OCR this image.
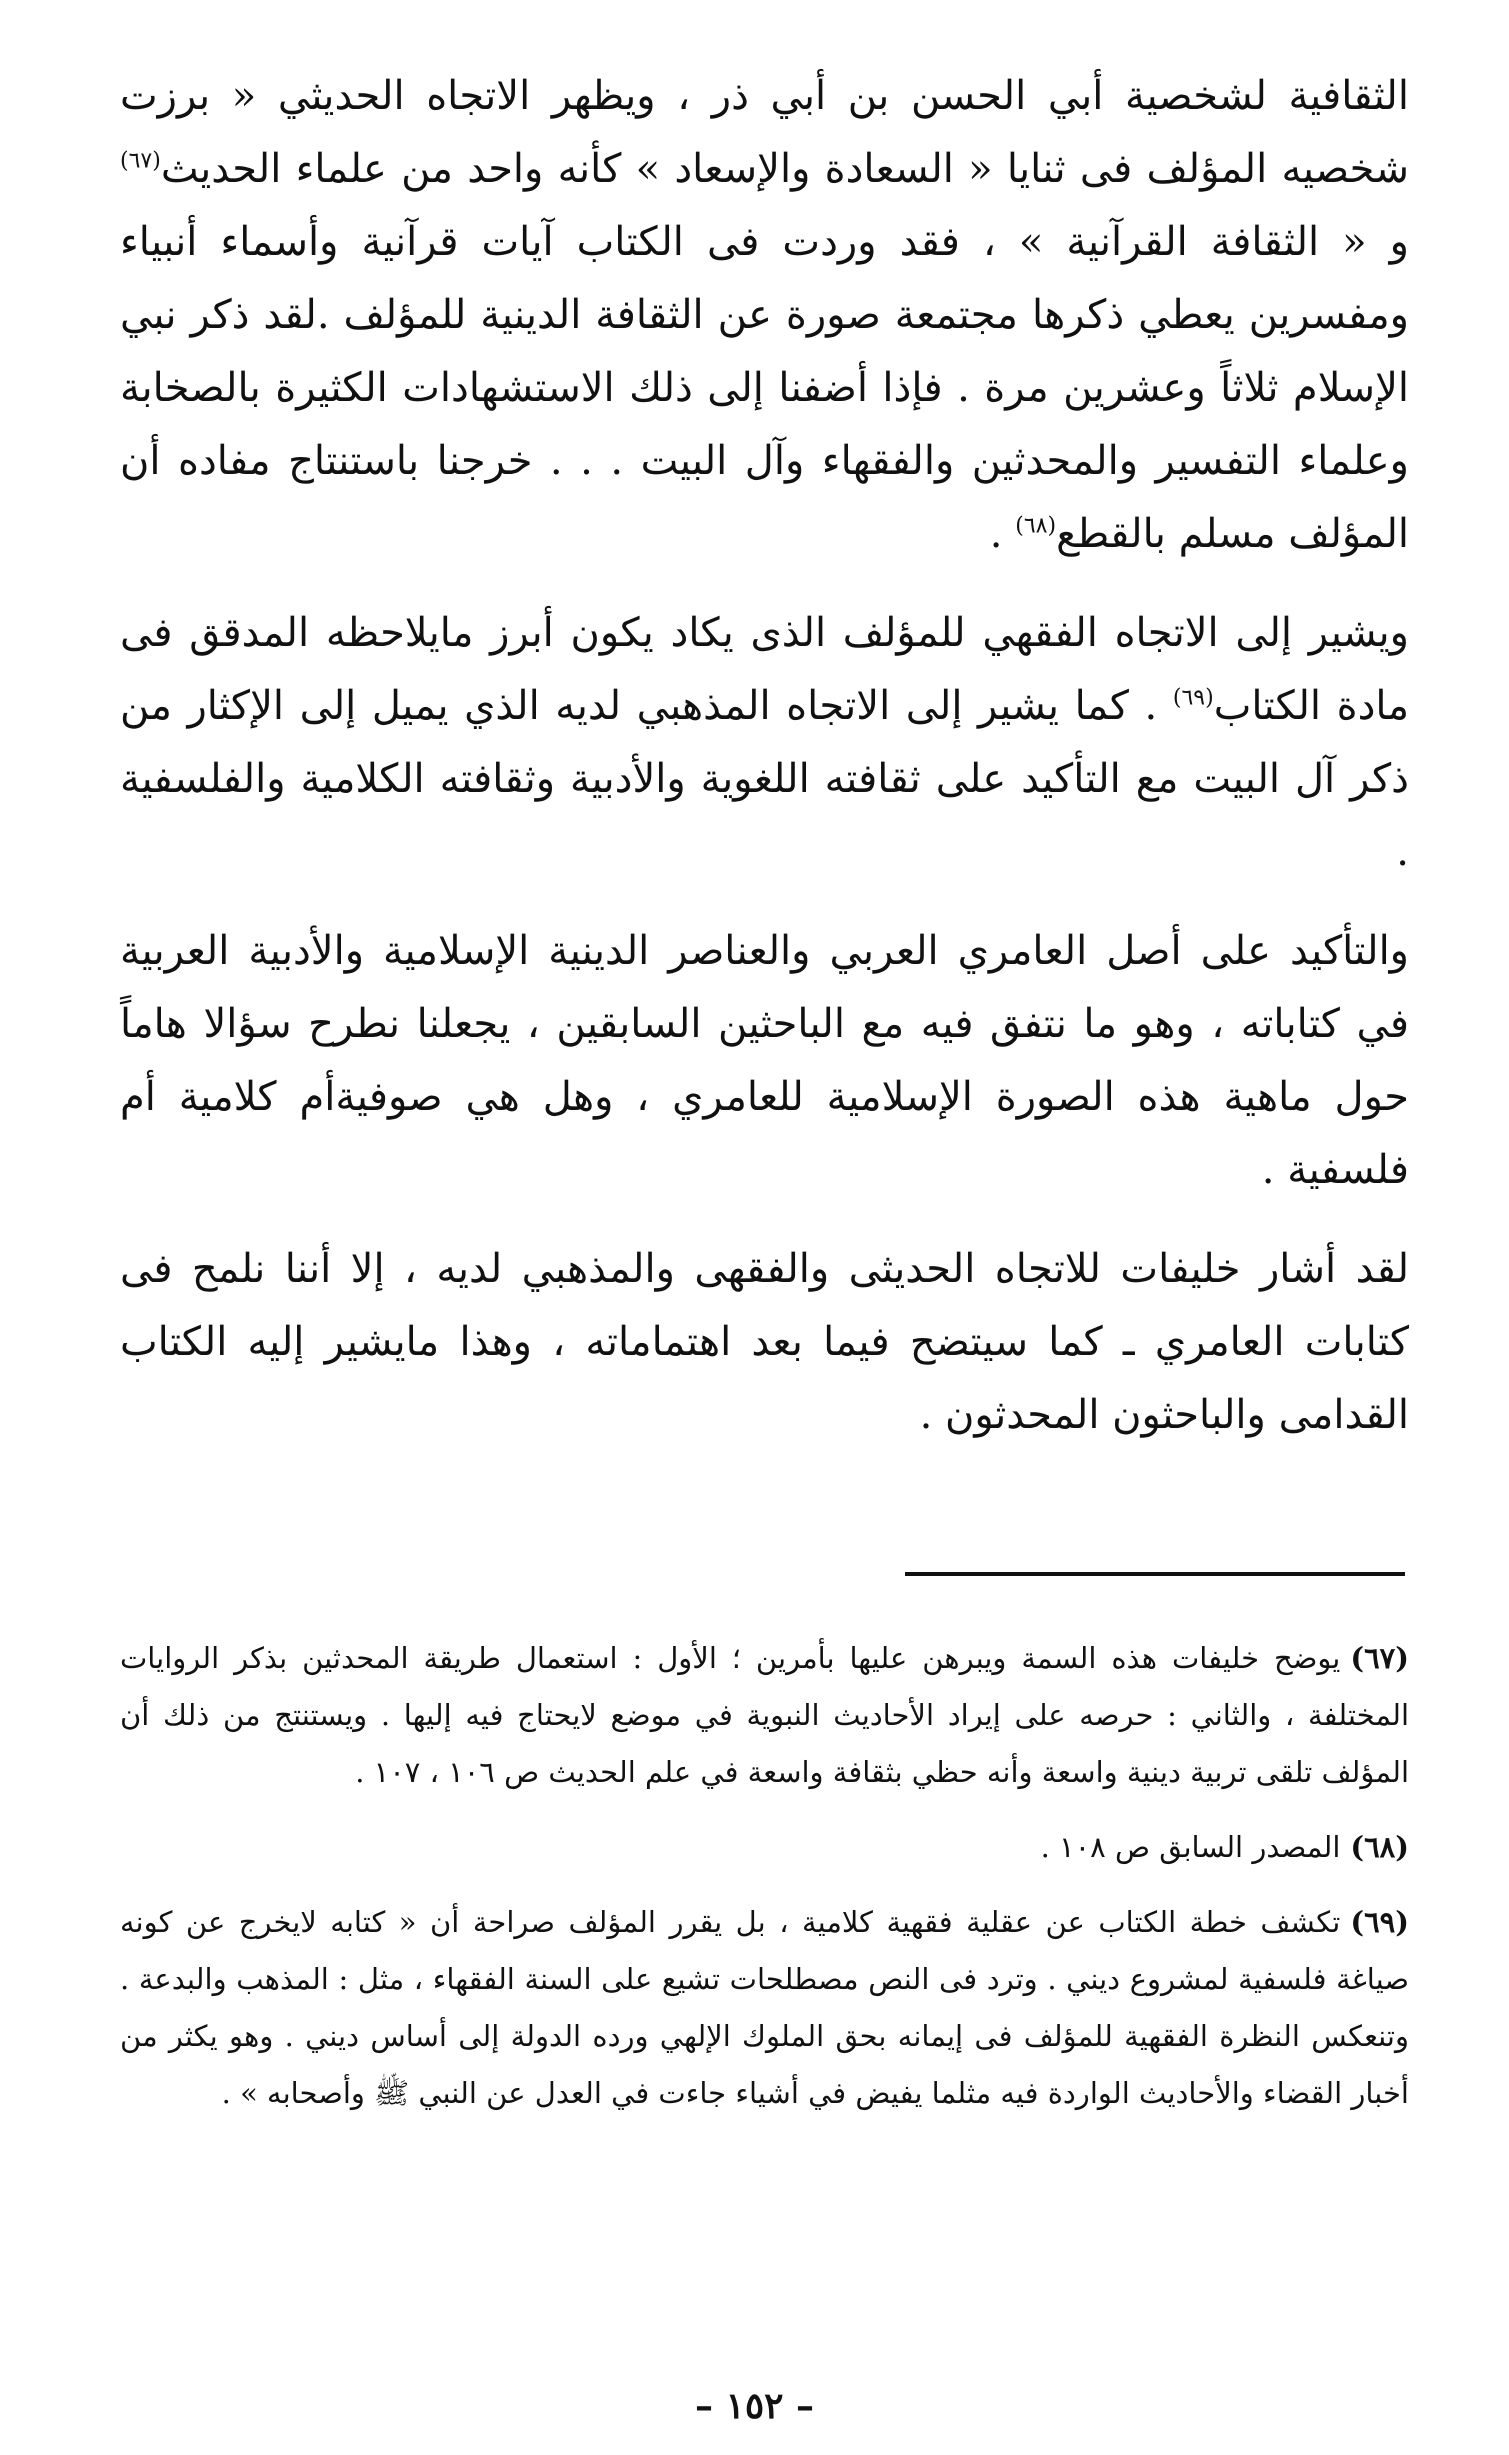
الثقافية لشخصية أبي الحسن بن أبي ذر ، ويظهر الاتجاه الحديثي « برزت شخصيه المؤلف فى ثنايا « السعادة والإسعاد » كأنه واحد من علماء الحديث$^{(٦٧)}$ و « الثقافة القرآنية » ، فقد وردت فى الكتاب آيات قرآنية وأسماء أنبياء ومفسرين يعطي ذكرها مجتمعة صورة عن الثقافة الدينية للمؤلف .لقد ذكر نبي الإسلام ثلاثاً وعشرين مرة . فإذا أضفنا إلى ذلك الاستشهادات الكثيرة بالصخابة وعلماء التفسير والمحدثين والفقهاء وآل البيت . . . خرجنا باستنتاج مفاده أن المؤلف مسلم بالقطع$^{(٦٨)}$ .

ويشير إلى الاتجاه الفقهي للمؤلف الذى يكاد يكون أبرز مايلاحظه المدقق فى مادة الكتاب$^{(٦٩)}$ . كما يشير إلى الاتجاه المذهبي لديه الذي يميل إلى الإكثار من ذكر آل البيت مع التأكيد على ثقافته اللغوية والأدبية وثقافته الكلامية والفلسفية .

والتأكيد على أصل العامري العربي والعناصر الدينية الإسلامية والأدبية العربية في كتاباته ، وهو ما نتفق فيه مع الباحثين السابقين ، يجعلنا نطرح سؤالا هاماً حول ماهية هذه الصورة الإسلامية للعامري ، وهل هي صوفيةأم كلامية أم فلسفية .

لقد أشار خليفات للاتجاه الحديثى والفقهى والمذهبي لديه ، إلا أننا نلمح فى كتابات العامري ـ كما سيتضح فيما بعد اهتماماته ، وهذا مايشير إليه الكتاب القدامى والباحثون المحدثون .

(٦٧)يوضح خليفات هذه السمة ويبرهن عليها بأمرين ؛ الأول : استعمال طريقة المحدثين بذكر الروايات المختلفة ، والثاني : حرصه على إيراد الأحاديث النبوية في موضع لايحتاج فيه إليها . ويستنتج من ذلك أن المؤلف تلقى تربية دينية واسعة وأنه حظي بثقافة واسعة في علم الحديث ص ١٠٦ ، ١٠٧ .

(٦٨)المصدر السابق ص ١٠٨ .

(٦٩)تكشف خطة الكتاب عن عقلية فقهية كلامية ، بل يقرر المؤلف صراحة أن « كتابه لايخرج عن كونه صياغة فلسفية لمشروع ديني . وترد فى النص مصطلحات تشيع على السنة الفقهاء ، مثل : المذهب والبدعة . وتنعكس النظرة الفقهية للمؤلف فى إيمانه بحق الملوك الإلهي ورده الدولة إلى أساس ديني . وهو يكثر من أخبار القضاء والأحاديث الواردة فيه مثلما يفيض في أشياء جاءت في العدل عن النبي ﷺ وأصحابه » .

– ١٥٢ –
